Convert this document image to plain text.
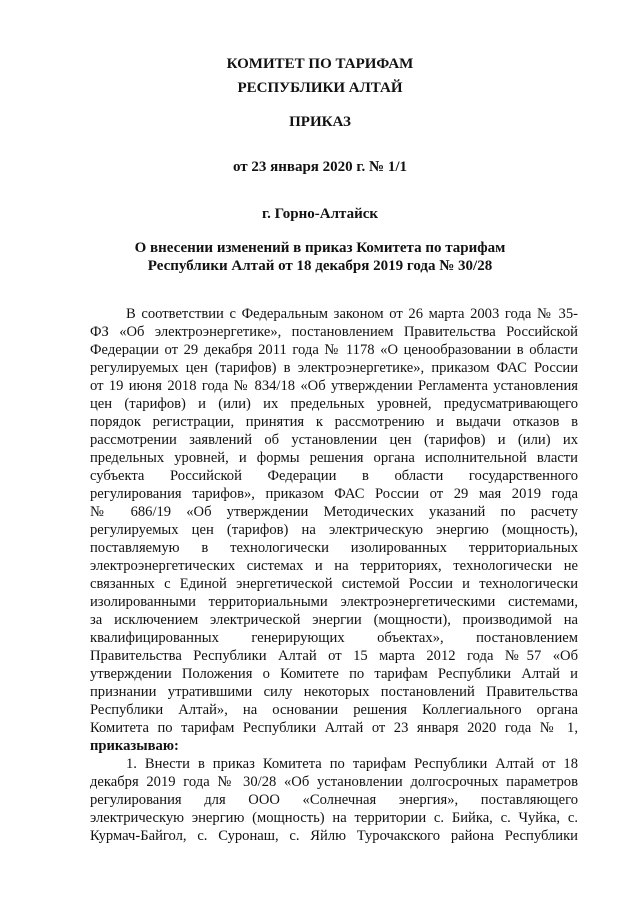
КОМИТЕТ ПО ТАРИФАМ
РЕСПУБЛИКИ АЛТАЙ
ПРИКАЗ
от 23 января 2020 г. № 1/1
г. Горно-Алтайск
О внесении изменений в приказ Комитета по тарифам
Республики Алтай от 18 декабря 2019 года № 30/28
В соответствии с Федеральным законом от 26 марта 2003 года № 35-
ФЗ «Об электроэнергетике», постановлением Правительства Российской
Федерации от 29 декабря 2011 года № 1178 «О ценообразовании в области
регулируемых цен (тарифов) в электроэнергетике», приказом ФАС России
от 19 июня 2018 года № 834/18 «Об утверждении Регламента установления
цен (тарифов) и (или) их предельных уровней, предусматривающего
порядок регистрации, принятия к рассмотрению и выдачи отказов в
рассмотрении заявлений об установлении цен (тарифов) и (или) их
предельных уровней, и формы решения органа исполнительной власти
субъекта Российской Федерации в области государственного
регулирования тарифов», приказом ФАС России от 29 мая 2019 года
№ 686/19 «Об утверждении Методических указаний по расчету
регулируемых цен (тарифов) на электрическую энергию (мощность),
поставляемую в технологически изолированных территориальных
электроэнергетических системах и на территориях, технологически не
связанных с Единой энергетической системой России и технологически
изолированными территориальными электроэнергетическими системами,
за исключением электрической энергии (мощности), производимой на
квалифицированных генерирующих объектах», постановлением
Правительства Республики Алтай от 15 марта 2012 года №57 «Об
утверждении Положения о Комитете по тарифам Республики Алтай и
признании утратившими силу некоторых постановлений Правительства
Республики Алтай», на основании решения Коллегиального органа
Комитета по тарифам Республики Алтай от 23 января 2020 года № 1,
приказываю:
1. Внести в приказ Комитета по тарифам Республики Алтай от 18
декабря 2019 года № 30/28 «Об установлении долгосрочных параметров
регулирования для ООО «Солнечная энергия», поставляющего
электрическую энергию (мощность) на территории с. Бийка, с. Чуйка, с.
Курмач-Байгол, с. Суронаш, с. Яйлю Турочакского района Республики
